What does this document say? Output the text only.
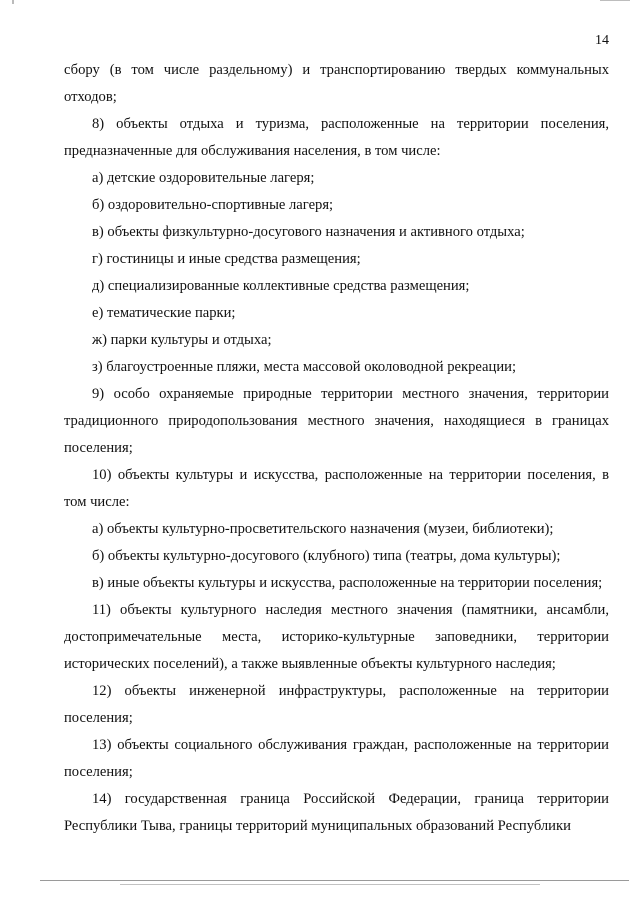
14

сбору (в том числе раздельному) и транспортированию твердых коммунальных отходов;

8) объекты отдыха и туризма, расположенные на территории поселения, предназначенные для обслуживания населения, в том числе:

а) детские оздоровительные лагеря;

б) оздоровительно-спортивные лагеря;

в) объекты физкультурно-досугового назначения и активного отдыха;

г) гостиницы и иные средства размещения;

д) специализированные коллективные средства размещения;

е) тематические парки;

ж) парки культуры и отдыха;

з) благоустроенные пляжи, места массовой околоводной рекреации;

9) особо охраняемые природные территории местного значения, территории традиционного природопользования местного значения, находящиеся в границах поселения;

10) объекты культуры и искусства, расположенные на территории поселения, в том числе:

а) объекты культурно-просветительского назначения (музеи, библиотеки);

б) объекты культурно-досугового (клубного) типа (театры, дома культуры);

в) иные объекты культуры и искусства, расположенные на территории поселения;

11) объекты культурного наследия местного значения (памятники, ансамбли, достопримечательные места, историко-культурные заповедники, территории исторических поселений), а также выявленные объекты культурного наследия;

12) объекты инженерной инфраструктуры, расположенные на территории поселения;

13) объекты социального обслуживания граждан, расположенные на территории поселения;

14) государственная граница Российской Федерации, граница территории Республики Тыва, границы территорий муниципальных образований Республики
